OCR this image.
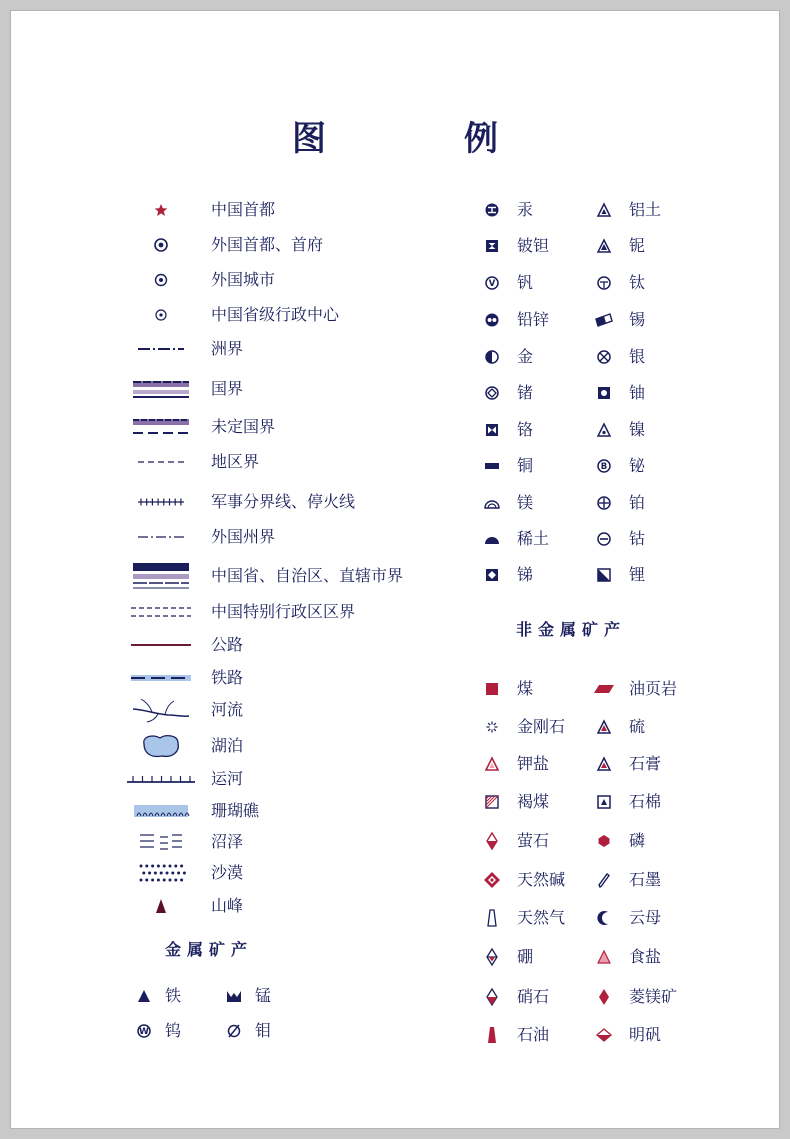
图　例
金属矿产
非金属矿产
中国首都
外国首都、首府
外国城市
中国省级行政中心
洲界
国界
未定国界
地区界
军事分界线、停火线
外国州界
中国省、自治区、直辖市界
中国特别行政区区界
公路
铁路
河流
湖泊
运河
珊瑚礁
沼泽
沙漠
山峰
铁	锰
W 钨	钼
汞	铝土
铍钽	铌
V 钒	钛
铅锌	锡
金	银
锗	铀
铬	镍
铜	B 铋
镁	铂
稀土	钴
锑	锂
煤	油页岩
金刚石	硫
钾盐	石膏
褐煤	石棉
萤石	磷
天然碱	石墨
天然气	云母
硼	食盐
硝石	菱镁矿
石油	明矾
